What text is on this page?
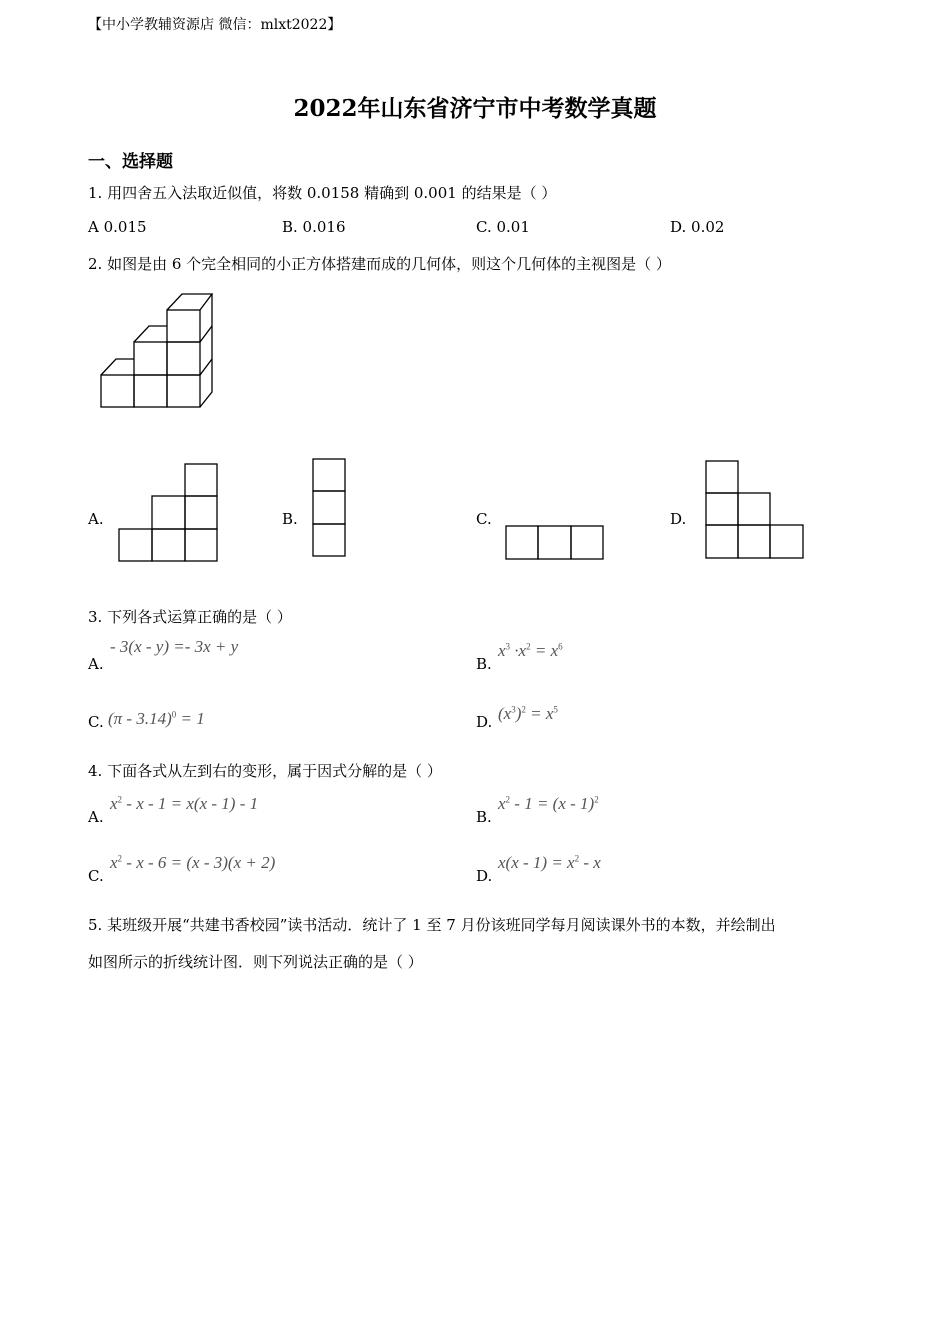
【中小学教辅资源店 微信：mlxt2022】
2022年山东省济宁市中考数学真题
一、选择题
1. 用四舍五入法取近似值，将数 0.0158 精确到 0.001 的结果是（ ）
A 0.015	B. 0.016	C. 0.01	D. 0.02
2. 如图是由 6 个完全相同的小正方体搭建而成的几何体，则这个几何体的主视图是（ ）
A.	B.	C.	D.
3. 下列各式运算正确的是（ ）
A.
- 3(x - y) =- 3x + y
B.
$x^3 \cdot x^2 = x^6$
C. (π - 3.14)$^0$ = 1	D. $(x^3)^2 = x^5$
4. 下面各式从左到右的变形，属于因式分解的是（ ）
A.
$x^2 - x - 1 = x(x - 1) - 1$
B.
$x^2 - 1 = (x - 1)^2$
C.
$x^2 - x - 6 = (x - 3)(x + 2)$
D.
$x(x - 1) = x^2 - x$
5. 某班级开展“共建书香校园”读书活动．统计了 1 至 7 月份该班同学每月阅读课外书的本数，并绘制出
如图所示的折线统计图．则下列说法正确的是（ ）
